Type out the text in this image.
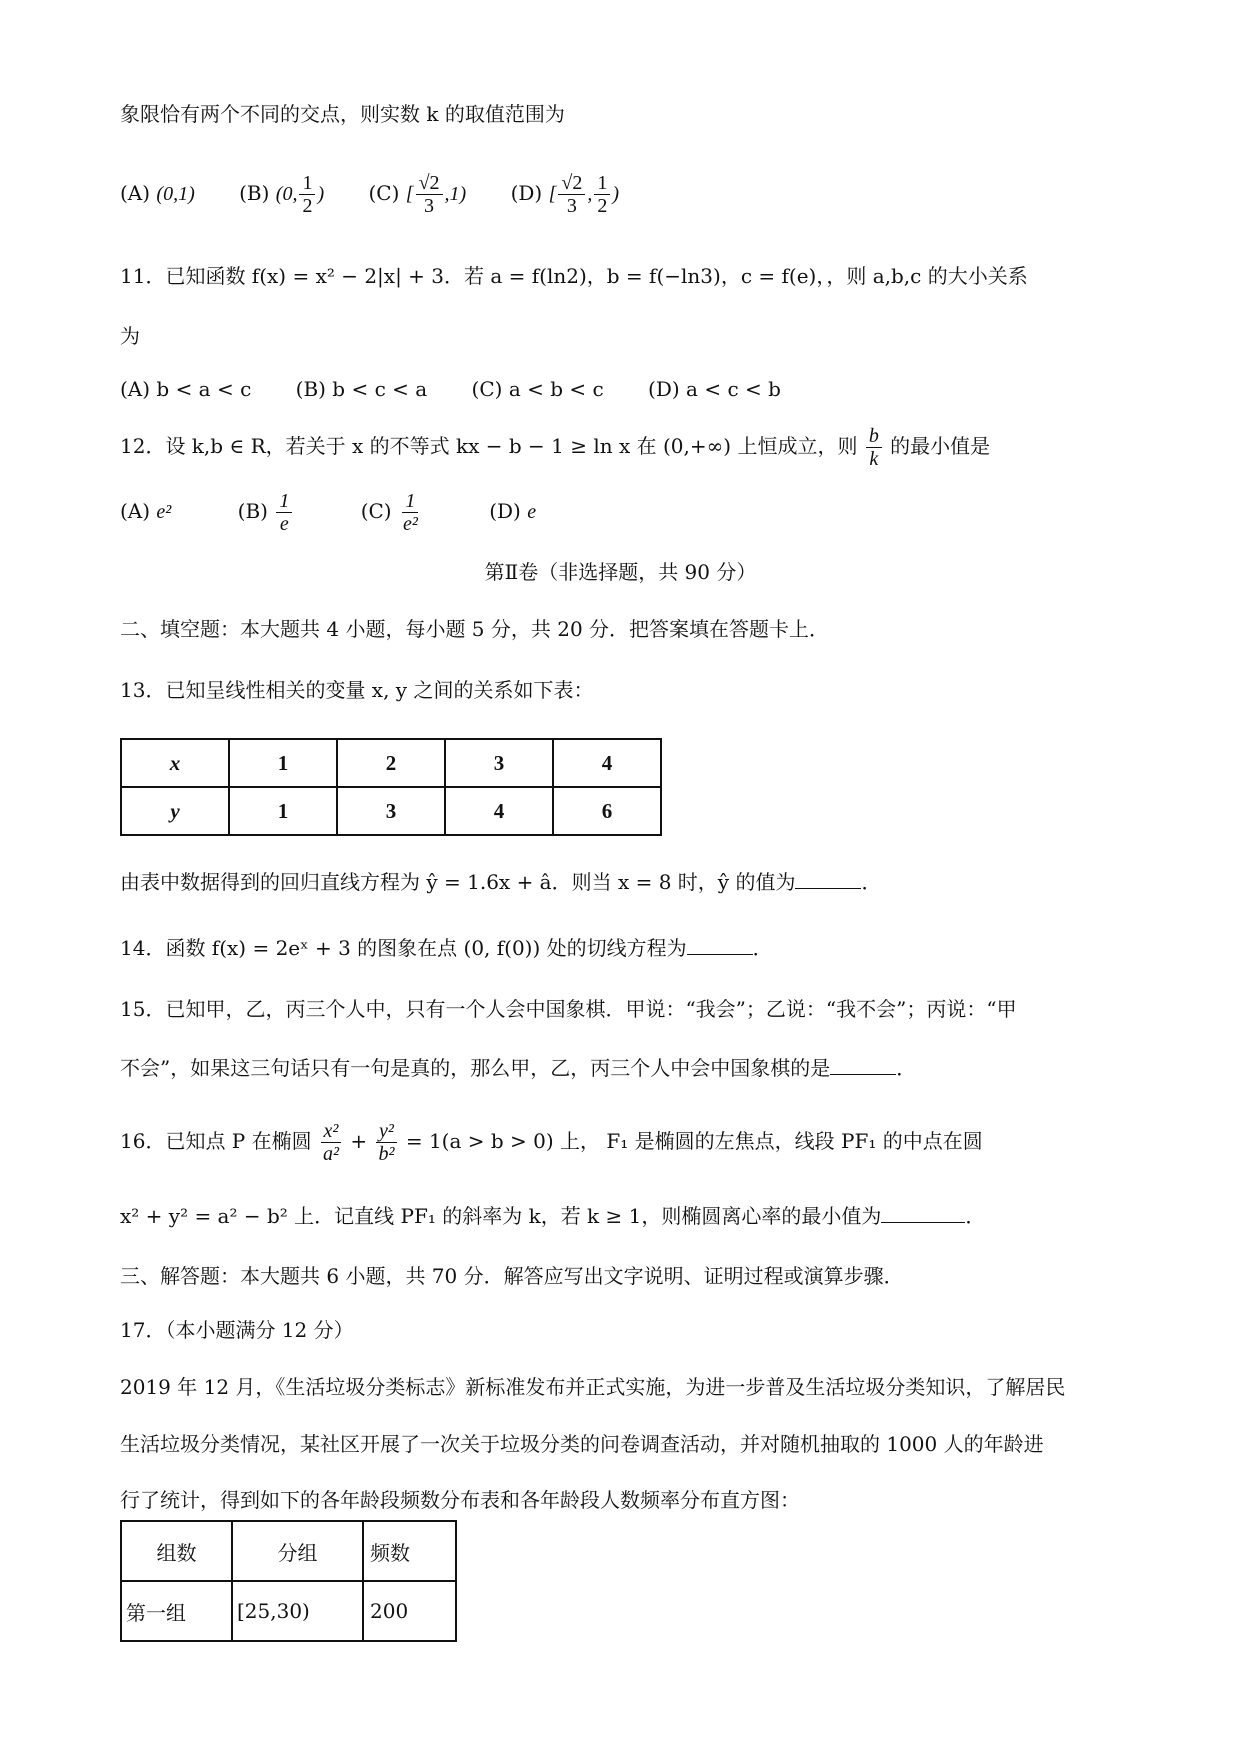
象限恰有两个不同的交点，则实数 k 的取值范围为
(A) (0,1) (B) (0, $\frac{1}{2}$ ) (C) [ $\frac{√2}{3} ,1$) (D) [ $\frac{√2}{3}$ , $\frac{1}{2}$ )
11．已知函数 f(x) = x² − 2|x| + 3．若 a = f(ln2)，b = f(−ln3)，c = f(e)，，则 a,b,c 的大小关系
为
(A) b < a < c (B) b < c < a (C) a < b < c (D) a < c < b
12．设 k,b ∈ R，若关于 x 的不等式 kx − b − 1 ≥ ln x 在 (0,+∞) 上恒成立，则 $\frac{b}{k}$ 的最小值是
(A) e²	$(B) \frac{1}{e}$	$(C) \frac{1}{\text{e²}}$	(D) e
第Ⅱ卷（非选择题，共 90 分）
二、填空题：本大题共 4 小题，每小题 5 分，共 20 分．把答案填在答题卡上．
13．已知呈线性相关的变量 x, y 之间的关系如下表：
x	1	2	3	4
y	1	3	4	6
由表中数据得到的回归直线方程为 ŷ = 1.6x + â．则当 x = 8 时，ŷ 的值为	．
14．函数 f(x) = 2eˣ + 3 的图象在点 (0, f(0)) 处的切线方程为	．
15．已知甲，乙，丙三个人中，只有一个人会中国象棋．甲说：“我会”；乙说：“我不会”；丙说：“甲
不会”，如果这三句话只有一句是真的，那么甲，乙，丙三个人中会中国象棋的是	．
16．已知点 P 在椭圆 $\frac{\text{x²}}{\text{a²}} + \frac{\text{y²}}{\text{b²}} = 1(a > b > 0)$ 上， F₁ 是椭圆的左焦点，线段 PF₁ 的中点在圆
x² + y² = a² − b² 上．记直线 PF₁ 的斜率为 k，若 k ≥ 1，则椭圆离心率的最小值为	．
三、解答题：本大题共 6 小题，共 70 分．解答应写出文字说明、证明过程或演算步骤．
17．（本小题满分 12 分）
2019 年 12 月，《生活垃圾分类标志》新标准发布并正式实施，为进一步普及生活垃圾分类知识，了解居民
生活垃圾分类情况，某社区开展了一次关于垃圾分类的问卷调查活动，并对随机抽取的 1000 人的年龄进
行了统计，得到如下的各年龄段频数分布表和各年龄段人数频率分布直方图：
组数	分组	频数
第一组	[25,30)	200
